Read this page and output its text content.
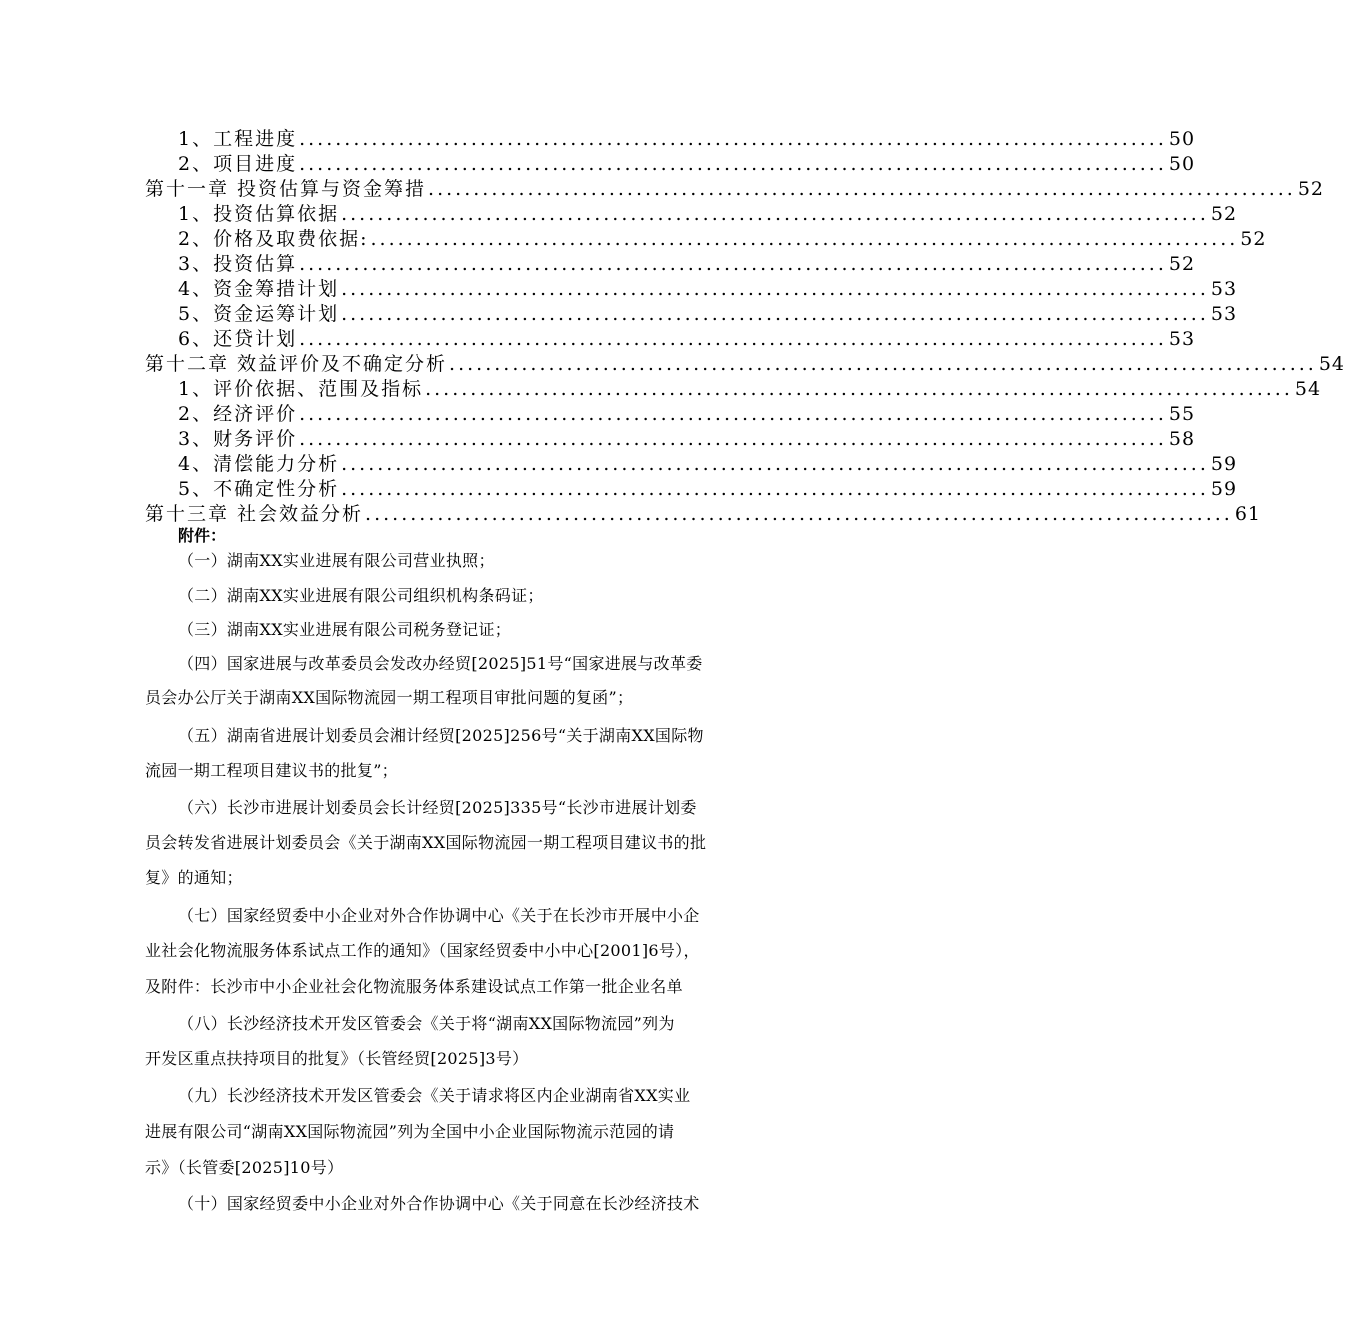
1、工程进度 ................................................................................................ 50
2、项目进度 ................................................................................................ 50
第十一章 投资估算与资金筹措 ................................................................................................ 52
1、投资估算依据 ................................................................................................ 52
2、价格及取费依据: ................................................................................................ 52
3、投资估算 ................................................................................................ 52
4、资金筹措计划 ................................................................................................ 53
5、资金运筹计划 ................................................................................................ 53
6、还贷计划 ................................................................................................ 53
第十二章 效益评价及不确定分析 ................................................................................................ 54
1、评价依据、范围及指标 ................................................................................................ 54
2、经济评价 ................................................................................................ 55
3、财务评价 ................................................................................................ 58
4、清偿能力分析 ................................................................................................ 59
5、不确定性分析 ................................................................................................ 59
第十三章 社会效益分析 ................................................................................................ 61
附件：
（一）湖南XX实业进展有限公司营业执照；
（二）湖南XX实业进展有限公司组织机构条码证；
（三）湖南XX实业进展有限公司税务登记证；
（四）国家进展与改革委员会发改办经贸[2025]51号“国家进展与改革委
员会办公厅关于湖南XX国际物流园一期工程项目审批问题的复函”；
（五）湖南省进展计划委员会湘计经贸[2025]256号“关于湖南XX国际物
流园一期工程项目建议书的批复”；
（六）长沙市进展计划委员会长计经贸[2025]335号“长沙市进展计划委
员会转发省进展计划委员会《关于湖南XX国际物流园一期工程项目建议书的批
复》的通知；
（七）国家经贸委中小企业对外合作协调中心《关于在长沙市开展中小企
业社会化物流服务体系试点工作的通知》（国家经贸委中小中心[2001]6号），
及附件：长沙市中小企业社会化物流服务体系建设试点工作第一批企业名单
（八）长沙经济技术开发区管委会《关于将“湖南XX国际物流园”列为
开发区重点扶持项目的批复》（长管经贸[2025]3号）
（九）长沙经济技术开发区管委会《关于请求将区内企业湖南省XX实业
进展有限公司“湖南XX国际物流园”列为全国中小企业国际物流示范园的请
示》（长管委[2025]10号）
（十）国家经贸委中小企业对外合作协调中心《关于同意在长沙经济技术
